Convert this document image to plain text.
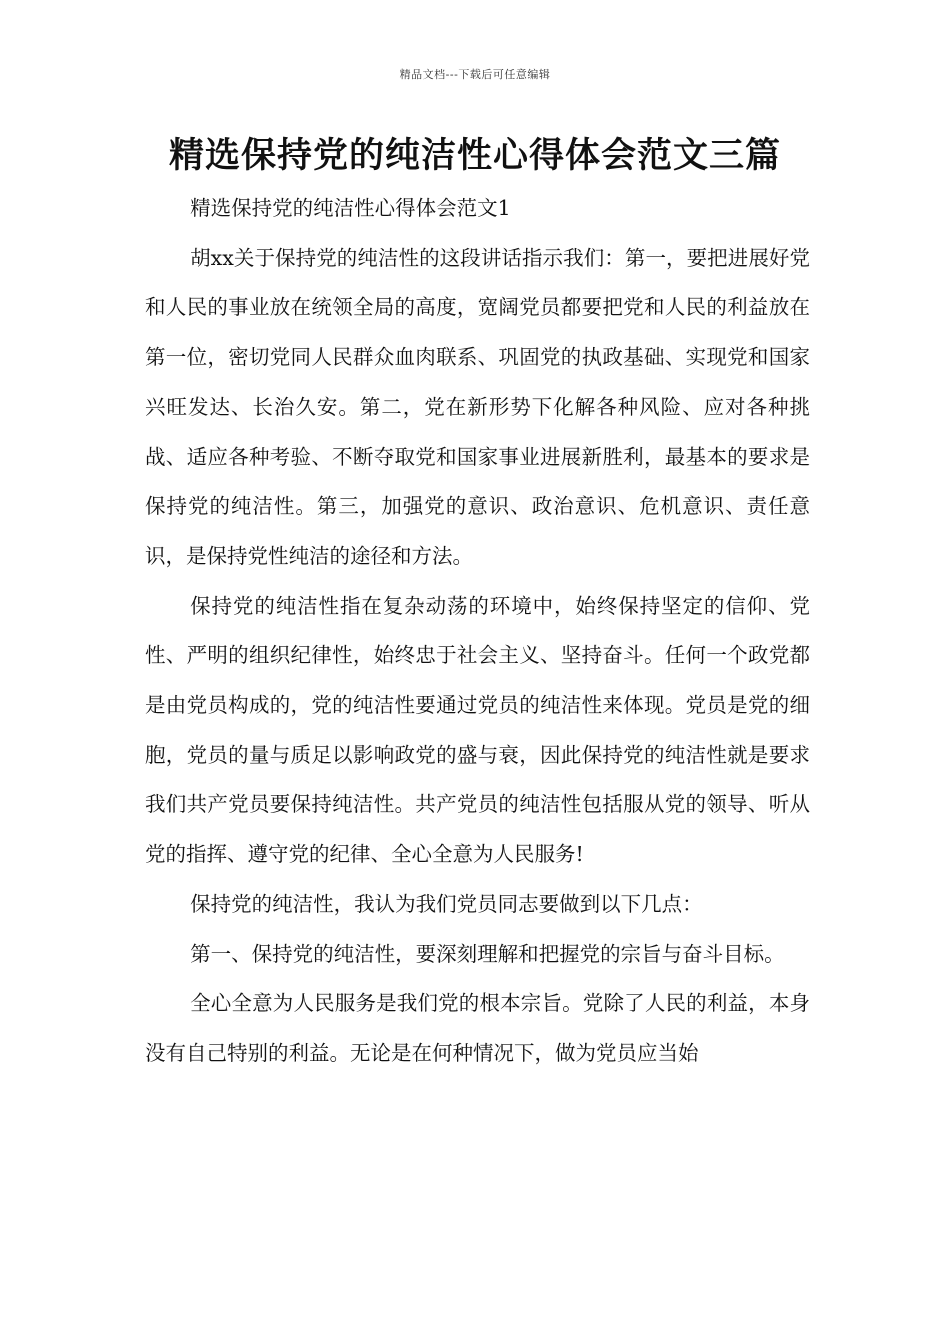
精品文档---下载后可任意编辑
精选保持党的纯洁性心得体会范文三篇

精选保持党的纯洁性心得体会范文1

胡xx关于保持党的纯洁性的这段讲话指示我们：第一，要把进展好党和人民的事业放在统领全局的高度，宽阔党员都要把党和人民的利益放在第一位，密切党同人民群众血肉联系、巩固党的执政基础、实现党和国家兴旺发达、长治久安。第二，党在新形势下化解各种风险、应对各种挑战、适应各种考验、不断夺取党和国家事业进展新胜利，最基本的要求是保持党的纯洁性。第三，加强党的意识、政治意识、危机意识、责任意识，是保持党性纯洁的途径和方法。

保持党的纯洁性指在复杂动荡的环境中，始终保持坚定的信仰、党性、严明的组织纪律性，始终忠于社会主义、坚持奋斗。任何一个政党都是由党员构成的，党的纯洁性要通过党员的纯洁性来体现。党员是党的细胞，党员的量与质足以影响政党的盛与衰，因此保持党的纯洁性就是要求我们共产党员要保持纯洁性。共产党员的纯洁性包括服从党的领导、听从党的指挥、遵守党的纪律、全心全意为人民服务!

保持党的纯洁性，我认为我们党员同志要做到以下几点：

第一、保持党的纯洁性，要深刻理解和把握党的宗旨与奋斗目标。

全心全意为人民服务是我们党的根本宗旨。党除了人民的利益，本身没有自己特别的利益。无论是在何种情况下，做为党员应当始
